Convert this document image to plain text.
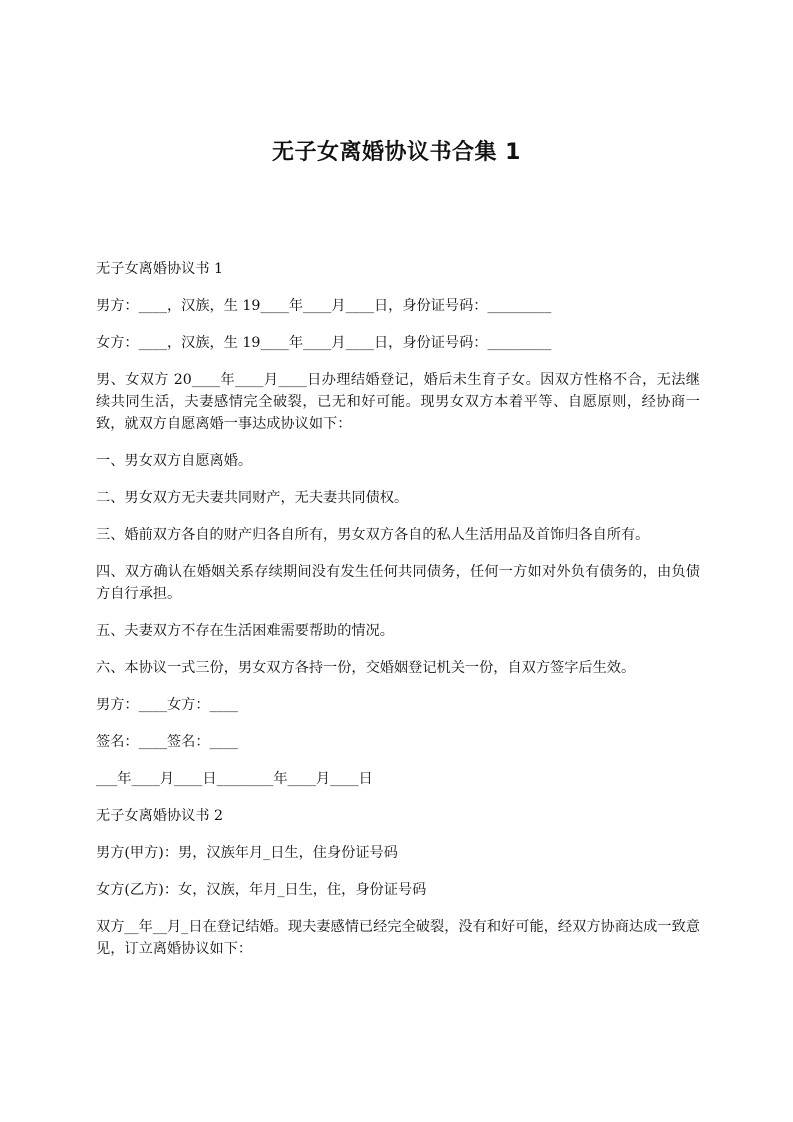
无子女离婚协议书合集 1

无子女离婚协议书 1

男方：____，汉族，生 19____年____月____日，身份证号码：_________

女方：____，汉族，生 19____年____月____日，身份证号码：_________

男、女双方 20____年____月____日办理结婚登记，婚后未生育子女。因双方性格不合，无法继续共同生活，夫妻感情完全破裂，已无和好可能。现男女双方本着平等、自愿原则，经协商一致，就双方自愿离婚一事达成协议如下：

一、男女双方自愿离婚。

二、男女双方无夫妻共同财产，无夫妻共同债权。

三、婚前双方各自的财产归各自所有，男女双方各自的私人生活用品及首饰归各自所有。

四、双方确认在婚姻关系存续期间没有发生任何共同债务，任何一方如对外负有债务的，由负债方自行承担。

五、夫妻双方不存在生活困难需要帮助的情况。

六、本协议一式三份，男女双方各持一份，交婚姻登记机关一份，自双方签字后生效。

男方：____女方：____

签名：____签名：____

___年____月____日________年____月____日

无子女离婚协议书 2

男方(甲方)：男，汉族年月_日生，住身份证号码

女方(乙方)：女，汉族，年月_日生，住，身份证号码

双方__年__月_日在登记结婚。现夫妻感情已经完全破裂，没有和好可能，经双方协商达成一致意见，订立离婚协议如下：
